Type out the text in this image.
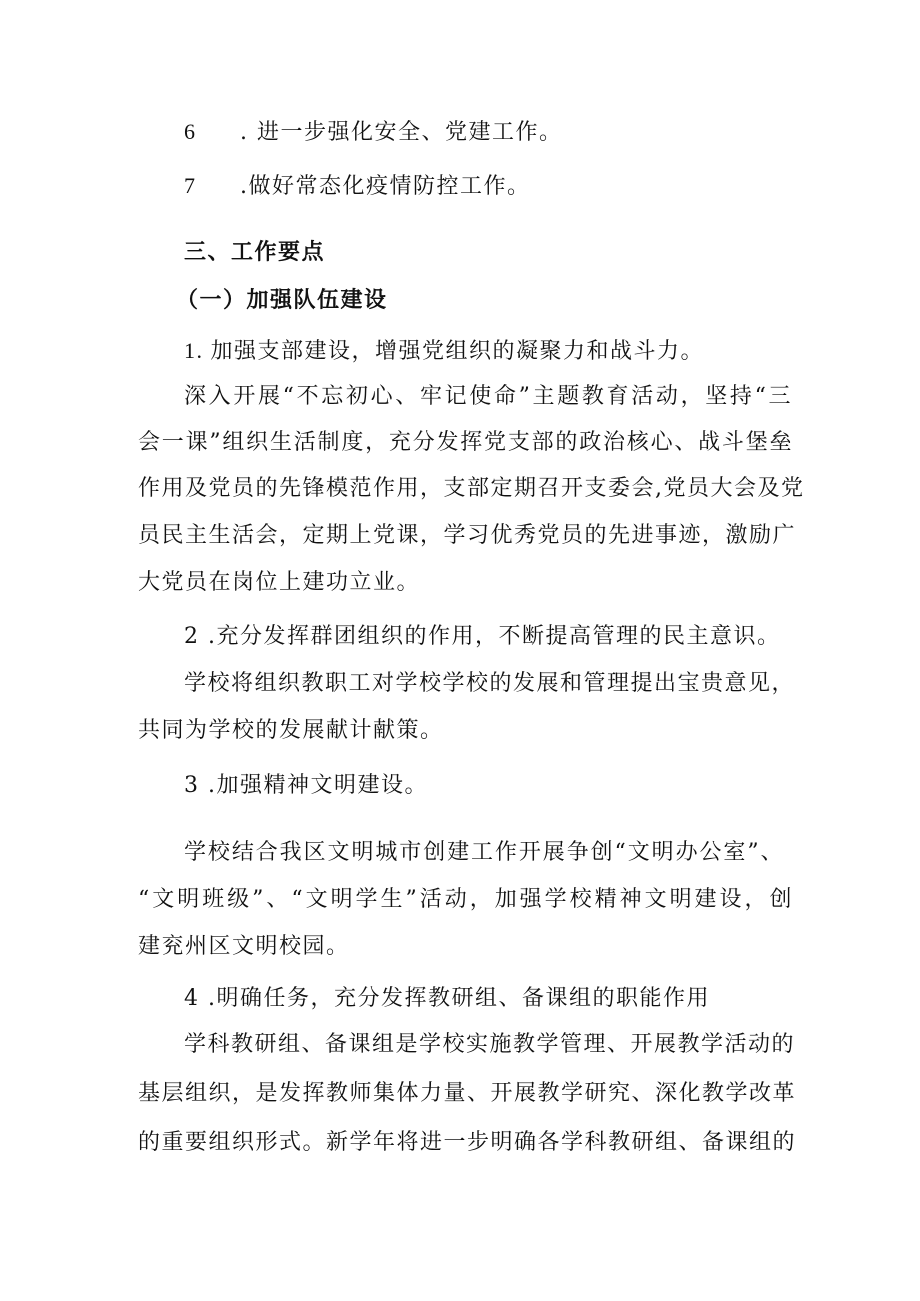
6 . 进一步强化安全、党建工作。
7 .做好常态化疫情防控工作。
三、工作要点
（一）加强队伍建设
1. 加强支部建设，增强党组织的凝聚力和战斗力。
深入开展“不忘初心、牢记使命”主题教育活动，坚持“三
会一课”组织生活制度，充分发挥党支部的政治核心、战斗堡垒
作用及党员的先锋模范作用，支部定期召开支委会,党员大会及党
员民主生活会，定期上党课，学习优秀党员的先进事迹，激励广
大党员在岗位上建功立业。
2 .充分发挥群团组织的作用，不断提高管理的民主意识。
学校将组织教职工对学校学校的发展和管理提出宝贵意见，
共同为学校的发展献计献策。
3 .加强精神文明建设。
学校结合我区文明城市创建工作开展争创“文明办公室”、
“文明班级”、“文明学生”活动，加强学校精神文明建设，创
建兖州区文明校园。
4 .明确任务，充分发挥教研组、备课组的职能作用
学科教研组、备课组是学校实施教学管理、开展教学活动的
基层组织，是发挥教师集体力量、开展教学研究、深化教学改革
的重要组织形式。新学年将进一步明确各学科教研组、备课组的
